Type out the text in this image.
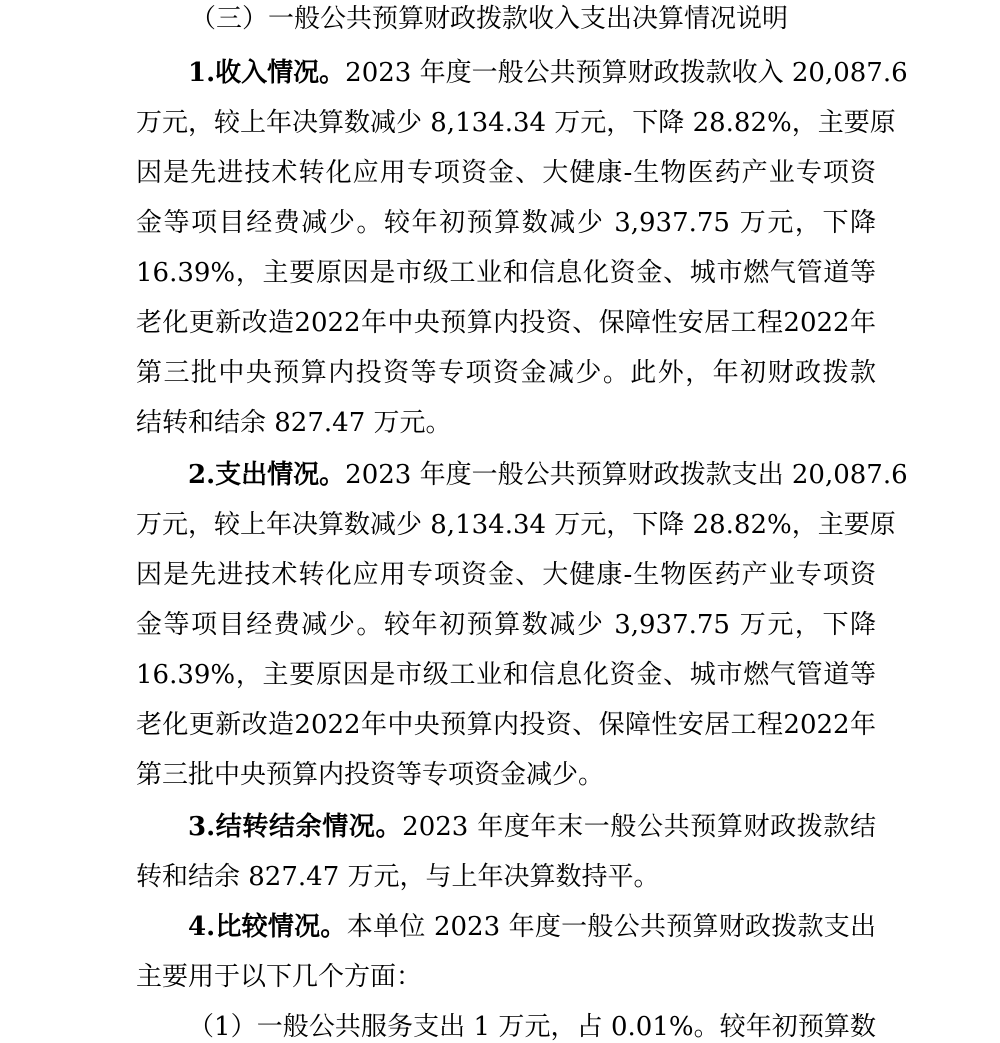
（三）一般公共预算财政拨款收入支出决算情况说明
1.收入情况。2023 年度一般公共预算财政拨款收入 20,087.6
万元，较上年决算数减少 8,134.34 万元，下降 28.82%，主要原
因是先进技术转化应用专项资金、大健康-生物医药产业专项资
金等项目经费减少。较年初预算数减少 3,937.75 万元，下降
16.39%，主要原因是市级工业和信息化资金、城市燃气管道等
老化更新改造2022年中央预算内投资、保障性安居工程2022年
第三批中央预算内投资等专项资金减少。此外，年初财政拨款
结转和结余 827.47 万元。
2.支出情况。2023 年度一般公共预算财政拨款支出 20,087.6
万元，较上年决算数减少 8,134.34 万元，下降 28.82%，主要原
因是先进技术转化应用专项资金、大健康-生物医药产业专项资
金等项目经费减少。较年初预算数减少 3,937.75 万元，下降
16.39%，主要原因是市级工业和信息化资金、城市燃气管道等
老化更新改造2022年中央预算内投资、保障性安居工程2022年
第三批中央预算内投资等专项资金减少。
3.结转结余情况。2023 年度年末一般公共预算财政拨款结
转和结余 827.47 万元，与上年决算数持平。
4.比较情况。本单位 2023 年度一般公共预算财政拨款支出
主要用于以下几个方面：
（1）一般公共服务支出 1 万元，占 0.01%。较年初预算数
